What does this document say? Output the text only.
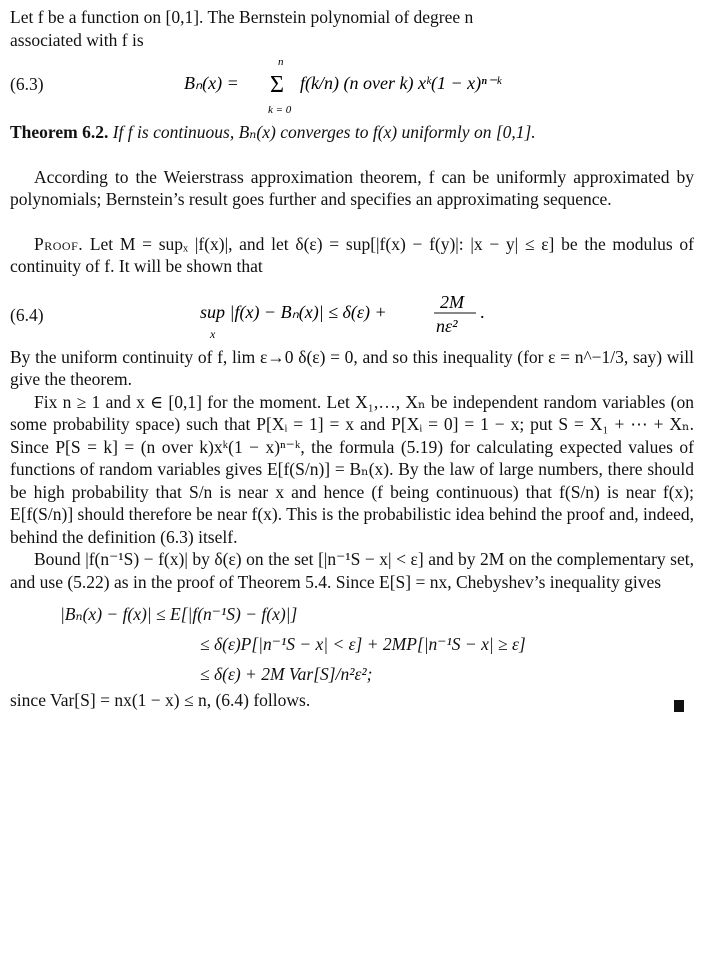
Let f be a function on [0,1]. The Bernstein polynomial of degree n
associated with f is

(6.3)	Bₙ(x) =
n
Σ
k = 0
f(k/n) (n over k) xᵏ(1 − x)ⁿ⁻ᵏ

Theorem 6.2. If f is continuous, Bₙ(x) converges to f(x) uniformly on [0,1].

According to the Weierstrass approximation theorem, f can be uniformly approximated by polynomials; Bernstein’s result goes further and specifies an approximating sequence.

Proof. Let M = supₓ |f(x)|, and let δ(ε) = sup[|f(x) − f(y)|: |x − y| ≤ ε] be the modulus of continuity of f. It will be shown that

(6.4)	sup |f(x) − Bₙ(x)| ≤ δ(ε) +
x
2M
nε²
.

By the uniform continuity of f, lim ε→0 δ(ε) = 0, and so this inequality (for ε = n^−1/3, say) will give the theorem.

Fix n ≥ 1 and x ∈ [0,1] for the moment. Let X₁,…, Xₙ be independent random variables (on some probability space) such that P[Xᵢ = 1] = x and P[Xᵢ = 0] = 1 − x; put S = X₁ + ⋯ + Xₙ. Since P[S = k] = (n over k)xᵏ(1 − x)ⁿ⁻ᵏ, the formula (5.19) for calculating expected values of functions of random variables gives E[f(S/n)] = Bₙ(x). By the law of large numbers, there should be high probability that S/n is near x and hence (f being continuous) that f(S/n) is near f(x); E[f(S/n)] should therefore be near f(x). This is the probabilistic idea behind the proof and, indeed, behind the definition (6.3) itself.

Bound |f(n⁻¹S) − f(x)| by δ(ε) on the set [|n⁻¹S − x| < ε] and by 2M on the complementary set, and use (5.22) as in the proof of Theorem 5.4. Since E[S] = nx, Chebyshev’s inequality gives

|Bₙ(x) − f(x)| ≤ E[|f(n⁻¹S) − f(x)|]
≤ δ(ε)P[|n⁻¹S − x| < ε] + 2MP[|n⁻¹S − x| ≥ ε]
≤ δ(ε) + 2M Var[S]/n²ε²;

since Var[S] = nx(1 − x) ≤ n, (6.4) follows.
